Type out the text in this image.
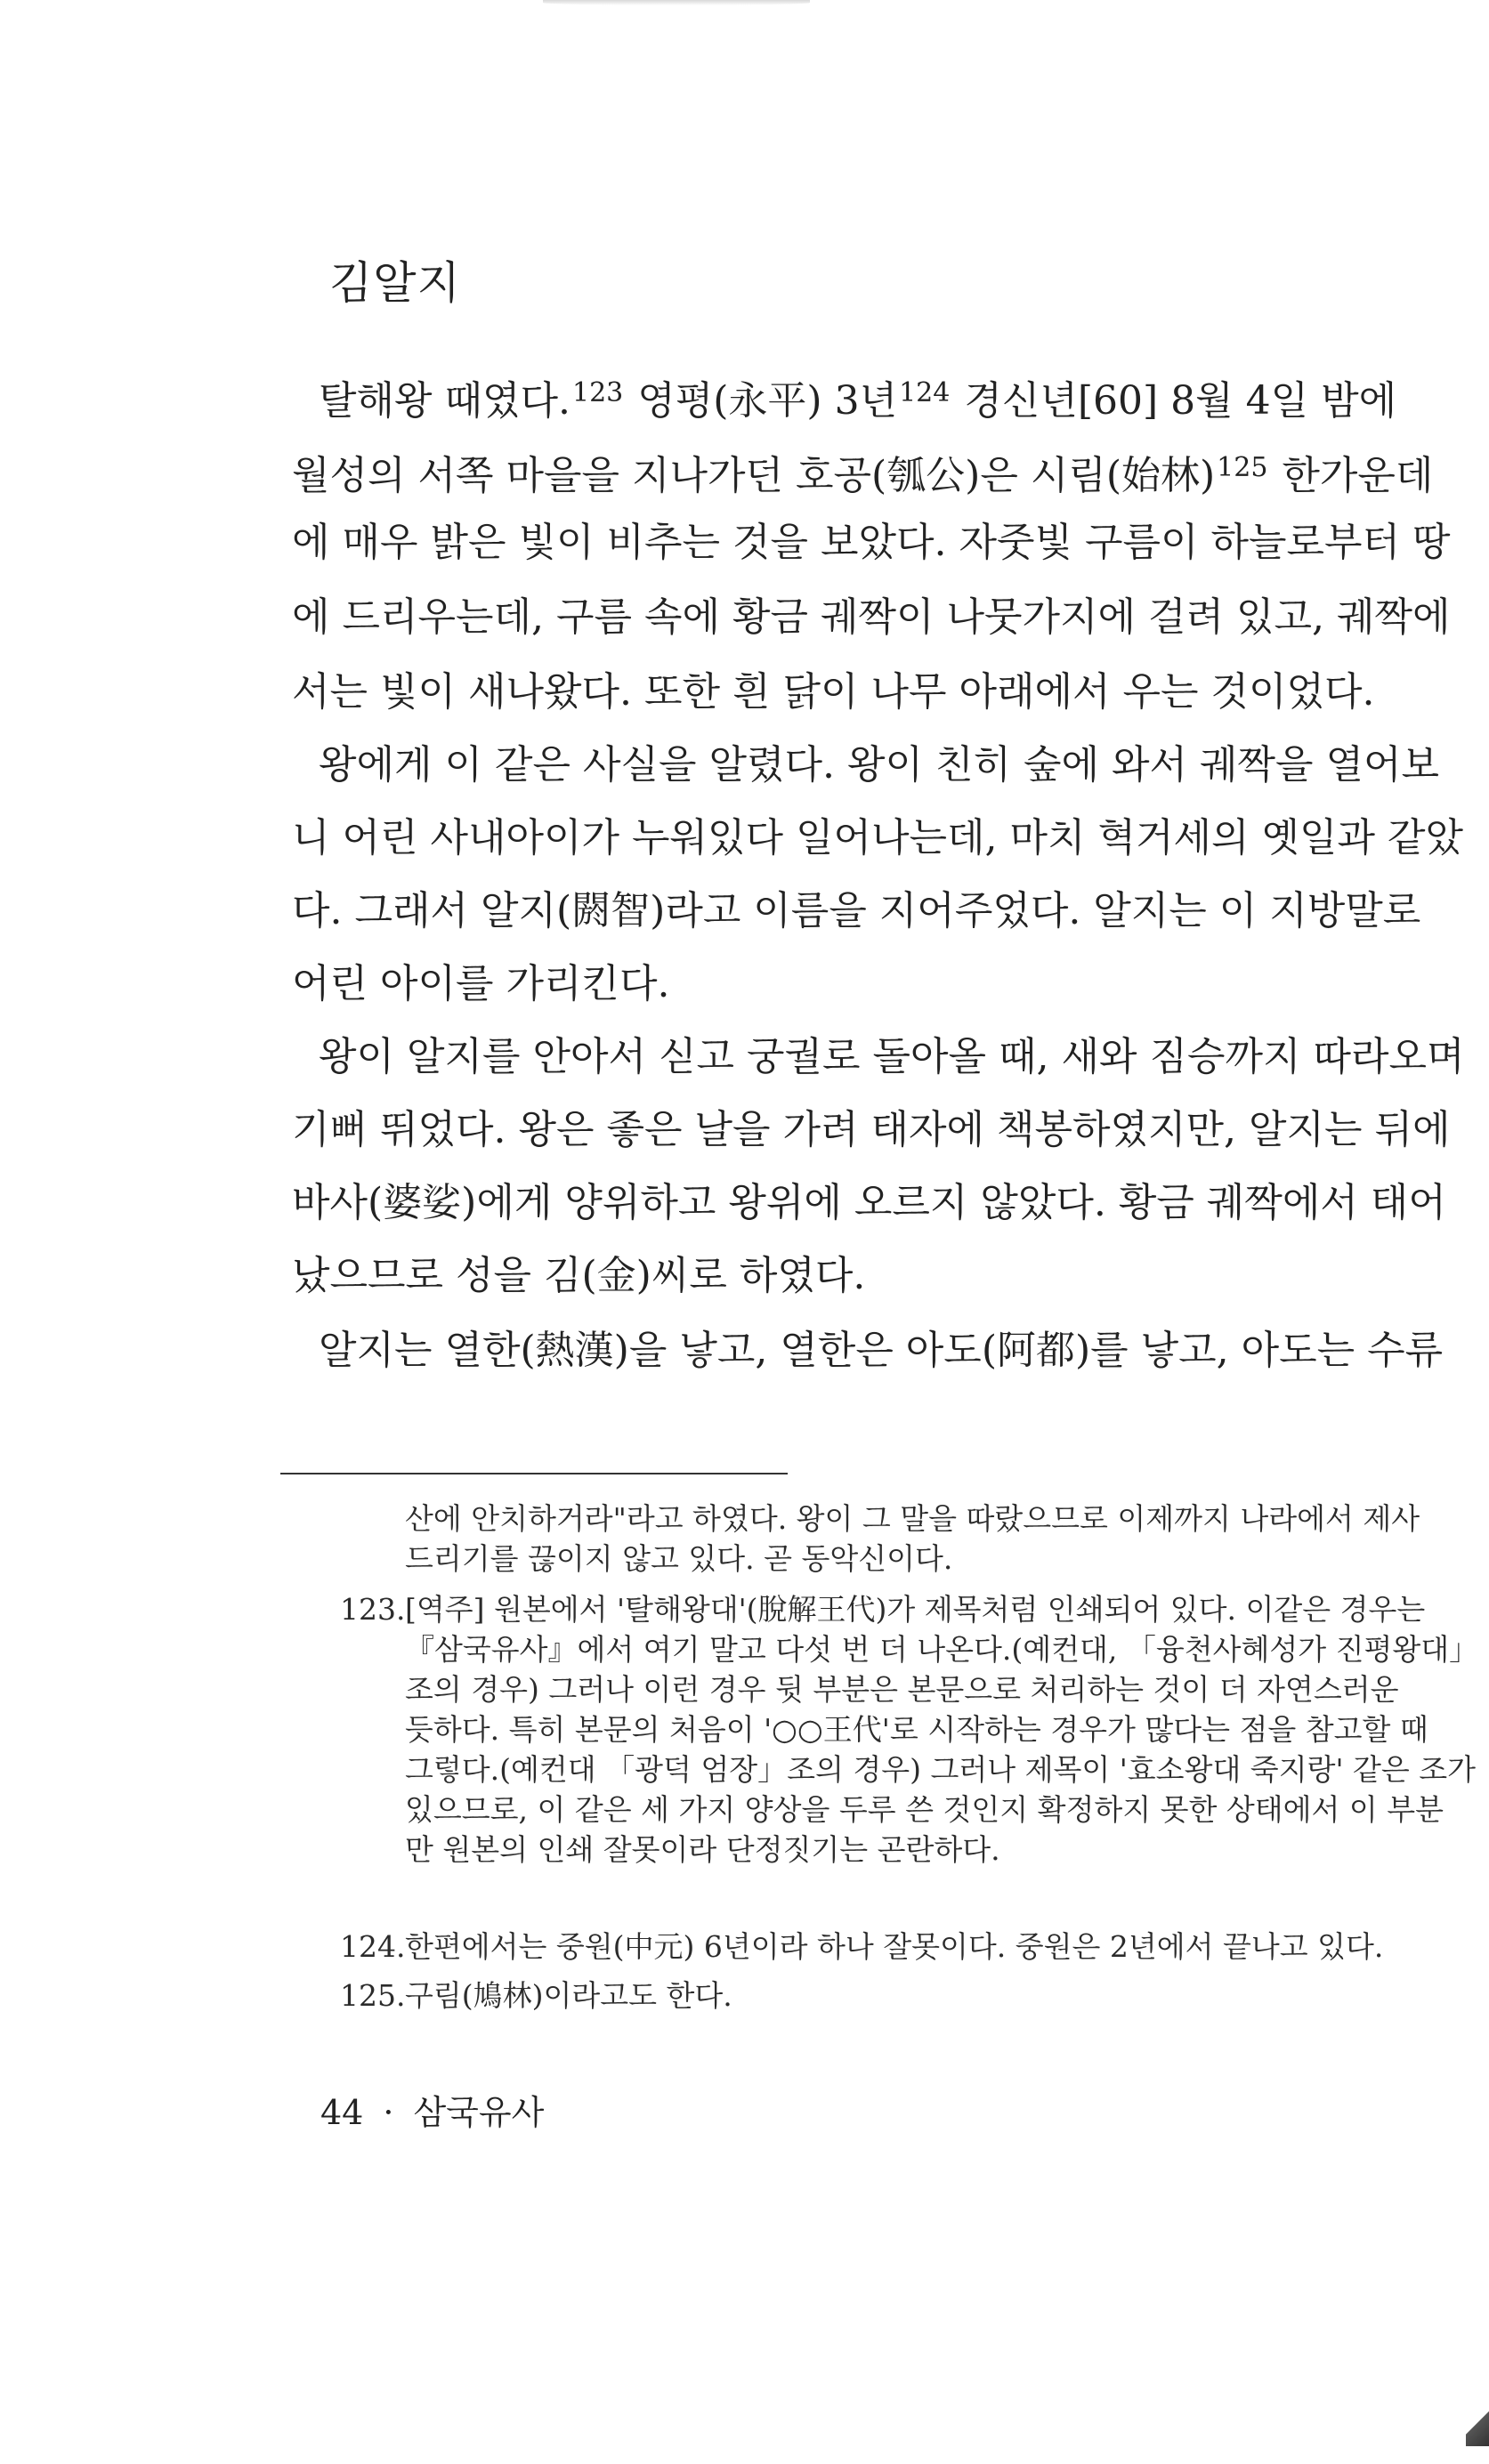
김알지
탈해왕 때였다.$^{123}$ 영평(永平) 3년$^{124}$ 경신년[60] 8월 4일 밤에
월성의 서쪽 마을을 지나가던 호공(瓠公)은 시림(始林)$^{125}$ 한가운데
에 매우 밝은 빛이 비추는 것을 보았다. 자줏빛 구름이 하늘로부터 땅
에 드리우는데, 구름 속에 황금 궤짝이 나뭇가지에 걸려 있고, 궤짝에
서는 빛이 새나왔다. 또한 흰 닭이 나무 아래에서 우는 것이었다.
왕에게 이 같은 사실을 알렸다. 왕이 친히 숲에 와서 궤짝을 열어보
니 어린 사내아이가 누워있다 일어나는데, 마치 혁거세의 옛일과 같았
다. 그래서 알지(閼智)라고 이름을 지어주었다. 알지는 이 지방말로
어린 아이를 가리킨다.
왕이 알지를 안아서 싣고 궁궐로 돌아올 때, 새와 짐승까지 따라오며
기뻐 뛰었다. 왕은 좋은 날을 가려 태자에 책봉하였지만, 알지는 뒤에
바사(婆娑)에게 양위하고 왕위에 오르지 않았다. 황금 궤짝에서 태어
났으므로 성을 김(金)씨로 하였다.
알지는 열한(熱漢)을 낳고, 열한은 아도(阿都)를 낳고, 아도는 수류
산에 안치하거라"라고 하였다. 왕이 그 말을 따랐으므로 이제까지 나라에서 제사
드리기를 끊이지 않고 있다. 곧 동악신이다.
123. [역주] 원본에서 '탈해왕대'(脫解王代)가 제목처럼 인쇄되어 있다. 이같은 경우는
『삼국유사』에서 여기 말고 다섯 번 더 나온다.(예컨대, 「융천사혜성가 진평왕대」
조의 경우) 그러나 이런 경우 뒷 부분은 본문으로 처리하는 것이 더 자연스러운
듯하다. 특히 본문의 처음이 '○○王代'로 시작하는 경우가 많다는 점을 참고할 때
그렇다.(예컨대 「광덕 엄장」조의 경우) 그러나 제목이 '효소왕대 죽지랑' 같은 조가
있으므로, 이 같은 세 가지 양상을 두루 쓴 것인지 확정하지 못한 상태에서 이 부분
만 원본의 인쇄 잘못이라 단정짓기는 곤란하다.
124. 한편에서는 중원(中元) 6년이라 하나 잘못이다. 중원은 2년에서 끝나고 있다.
125. 구림(鳩林)이라고도 한다.
44 · 삼국유사
